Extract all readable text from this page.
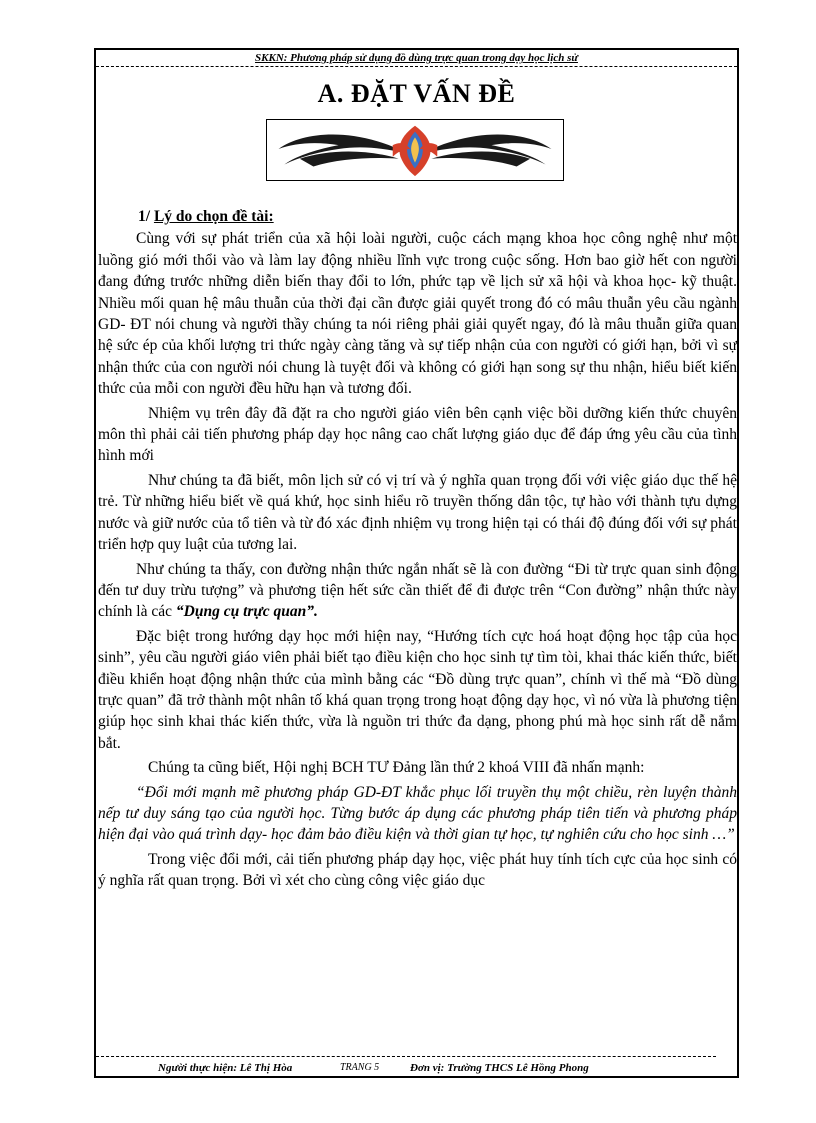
SKKN: Phương pháp sử dụng đồ dùng trực quan trong dạy học lịch sử
A. ĐẶT VẤN ĐỀ

1/ Lý do chọn đề tài:

Cùng với sự phát triển của xã hội loài người, cuộc cách mạng khoa học công nghệ như một luồng gió mới thổi vào và làm lay động nhiều lĩnh vực trong cuộc sống. Hơn bao giờ hết con người đang đứng trước những diễn biến thay đổi to lớn, phức tạp về lịch sử xã hội và khoa học- kỹ thuật. Nhiều mối quan hệ mâu thuẫn của thời đại cần được giải quyết trong đó có mâu thuẫn yêu cầu ngành GD- ĐT nói chung và người thầy chúng ta nói riêng phải giải quyết ngay, đó là mâu thuẫn giữa quan hệ sức ép của khối lượng tri thức ngày càng tăng và sự tiếp nhận của con người có giới hạn, bởi vì sự nhận thức của con người nói chung là tuyệt đối và không có giới hạn song sự thu nhận, hiểu biết kiến thức của mỗi con người đều hữu hạn và tương đối.

Nhiệm vụ trên đây đã đặt ra cho người giáo viên bên cạnh việc bồi dưỡng kiến thức chuyên môn thì phải cải tiến phương pháp dạy học nâng cao chất lượng giáo dục để đáp ứng yêu cầu của tình hình mới

Như chúng ta đã biết, môn lịch sử có vị trí và ý nghĩa quan trọng đối với việc giáo dục thế hệ trẻ. Từ những hiểu biết về quá khứ, học sinh hiểu rõ truyền thống dân tộc, tự hào với thành tựu dựng nước và giữ nước của tổ tiên và từ đó xác định nhiệm vụ trong hiện tại có thái độ đúng đối với sự phát triển hợp quy luật của tương lai.

Như chúng ta thấy, con đường nhận thức ngắn nhất sẽ là con đường “Đi từ trực quan sinh động đến tư duy trừu tượng” và phương tiện hết sức cần thiết để đi được trên “Con đường” nhận thức này chính là các “Dụng cụ trực quan”.

Đặc biệt trong hướng dạy học mới hiện nay, “Hướng tích cực hoá hoạt động học tập của học sinh”, yêu cầu người giáo viên phải biết tạo điều kiện cho học sinh tự tìm tòi, khai thác kiến thức, biết điều khiển hoạt động nhận thức của mình bằng các “Đồ dùng trực quan”, chính vì thế mà “Đồ dùng trực quan” đã trở thành một nhân tố khá quan trọng trong hoạt động dạy học, vì nó vừa là phương tiện giúp học sinh khai thác kiến thức, vừa là nguồn tri thức đa dạng, phong phú mà học sinh rất dễ nắm bắt.

Chúng ta cũng biết, Hội nghị BCH TƯ Đảng lần thứ 2 khoá VIII đã nhấn mạnh:

“Đổi mới mạnh mẽ phương pháp GD-ĐT khắc phục lối truyền thụ một chiều, rèn luyện thành nếp tư duy sáng tạo của người học. Từng bước áp dụng các phương pháp tiên tiến và phương pháp hiện đại vào quá trình dạy- học đảm bảo điều kiện và thời gian tự học, tự nghiên cứu cho học sinh …”

Trong việc đổi mới, cải tiến phương pháp dạy học, việc phát huy tính tích cực của học sinh có ý nghĩa rất quan trọng. Bởi vì xét cho cùng công việc giáo dục

Người thực hiện: Lê Thị Hòa	TRANG 5	Đơn vị: Trường THCS Lê Hồng Phong
